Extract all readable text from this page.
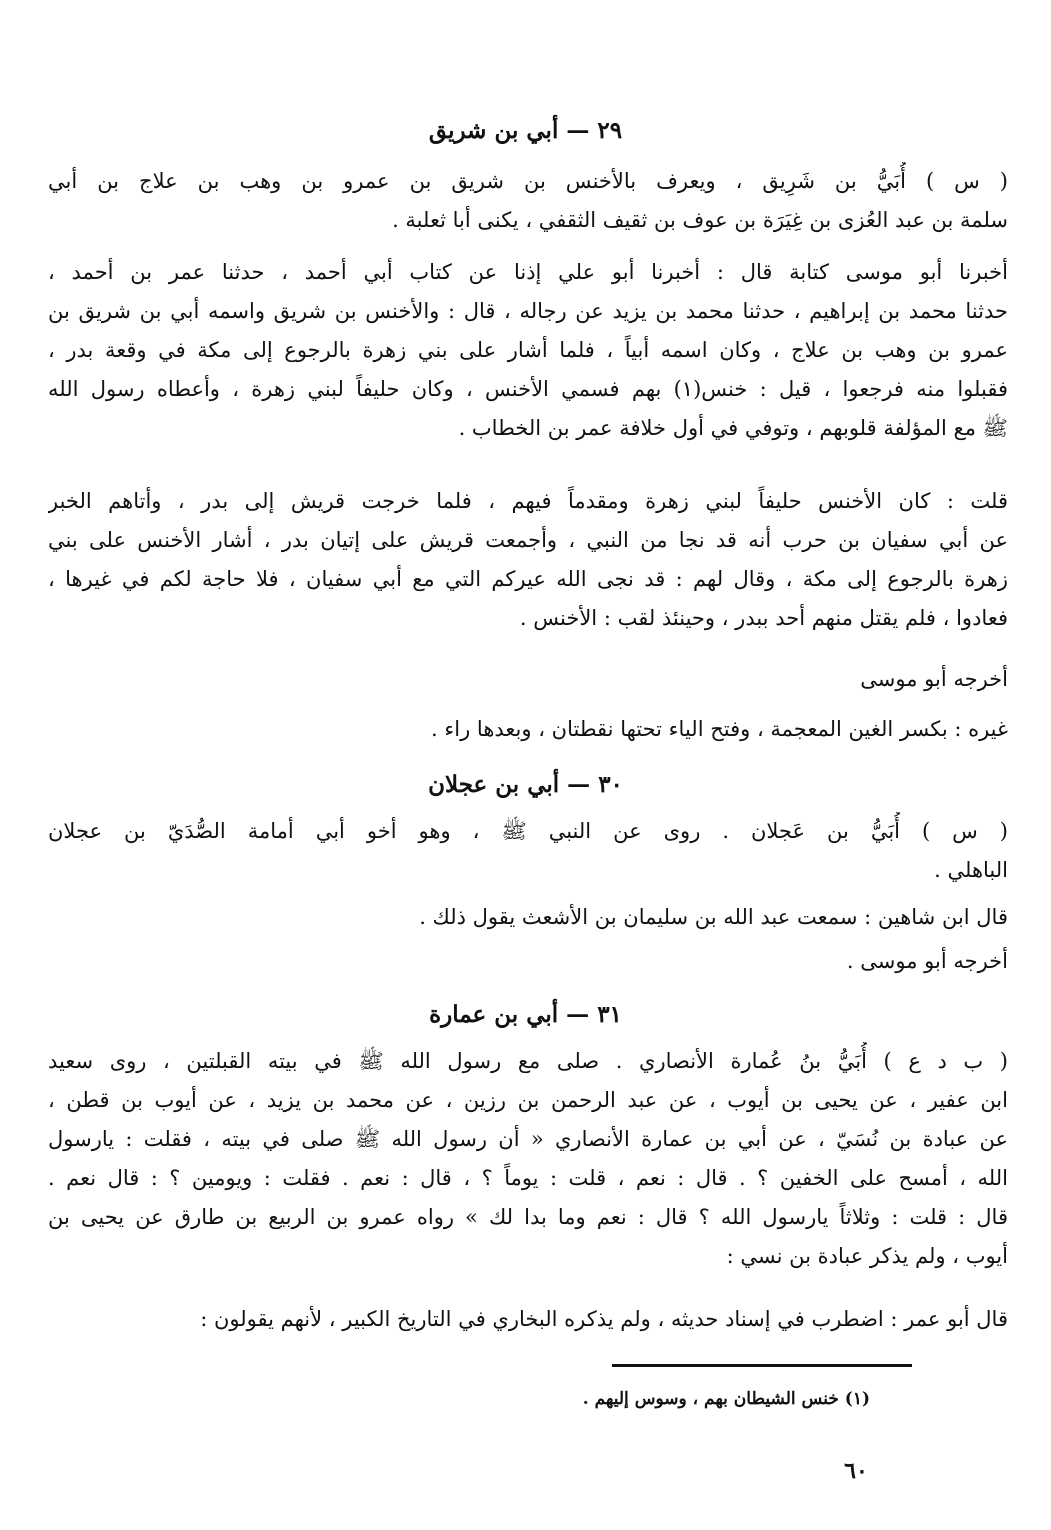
٢٩ — أبي بن شريق
( س ) أُبَيُّ بن شَرِيق ، ويعرف بالأخنس بن شريق بن عمرو بن وهب بن علاج بن أبي
سلمة بن عبد العُزى بن غِيَرَة بن عوف بن ثقيف الثقفي ، يكنى أبا ثعلبة .
أخبرنا أبو موسى كتابة قال : أخبرنا أبو علي إذنا عن كتاب أبي أحمد ، حدثنا عمر بن أحمد ،
حدثنا محمد بن إبراهيم ، حدثنا محمد بن يزيد عن رجاله ، قال : والأخنس بن شريق واسمه أبي بن شريق بن
عمرو بن وهب بن علاج ، وكان اسمه أبياً ، فلما أشار على بني زهرة بالرجوع إلى مكة في وقعة بدر ،
فقبلوا منه فرجعوا ، قيل : خنس(١) بهم فسمي الأخنس ، وكان حليفاً لبني زهرة ، وأعطاه رسول الله
ﷺ مع المؤلفة قلوبهم ، وتوفي في أول خلافة عمر بن الخطاب .
قلت : كان الأخنس حليفاً لبني زهرة ومقدماً فيهم ، فلما خرجت قريش إلى بدر ، وأتاهم الخبر
عن أبي سفيان بن حرب أنه قد نجا من النبي ، وأجمعت قريش على إتيان بدر ، أشار الأخنس على بني
زهرة بالرجوع إلى مكة ، وقال لهم : قد نجى الله عيركم التي مع أبي سفيان ، فلا حاجة لكم في غيرها ،
فعادوا ، فلم يقتل منهم أحد ببدر ، وحينئذ لقب : الأخنس .
أخرجه أبو موسى
غيره : بكسر الغين المعجمة ، وفتح الياء تحتها نقطتان ، وبعدها راء .
٣٠ — أبي بن عجلان
( س ) أُبَيُّ بن عَجلان . روى عن النبي ﷺ ، وهو أخو أبي أمامة الصُّدَيّ بن عجلان
الباهلي .
قال ابن شاهين : سمعت عبد الله بن سليمان بن الأشعث يقول ذلك .
أخرجه أبو موسى .
٣١ — أبي بن عمارة
( ب د ع ) أُبَيُّ بنُ عُمارة الأنصاري . صلى مع رسول الله ﷺ في بيته القبلتين ، روى سعيد
ابن عفير ، عن يحيى بن أيوب ، عن عبد الرحمن بن رزين ، عن محمد بن يزيد ، عن أيوب بن قطن ،
عن عبادة بن نُسَيّ ، عن أبي بن عمارة الأنصاري « أن رسول الله ﷺ صلى في بيته ، فقلت : يارسول
الله ، أمسح على الخفين ؟ . قال : نعم ، قلت : يوماً ؟ ، قال : نعم . فقلت : ويومين ؟ : قال نعم .
قال : قلت : وثلاثاً يارسول الله ؟ قال : نعم وما بدا لك » رواه عمرو بن الربيع بن طارق عن يحيى بن
أيوب ، ولم يذكر عبادة بن نسي :
قال أبو عمر : اضطرب في إسناد حديثه ، ولم يذكره البخاري في التاريخ الكبير ، لأنهم يقولون :
(١) خنس الشيطان بهم ، وسوس إليهم .
٦٠
